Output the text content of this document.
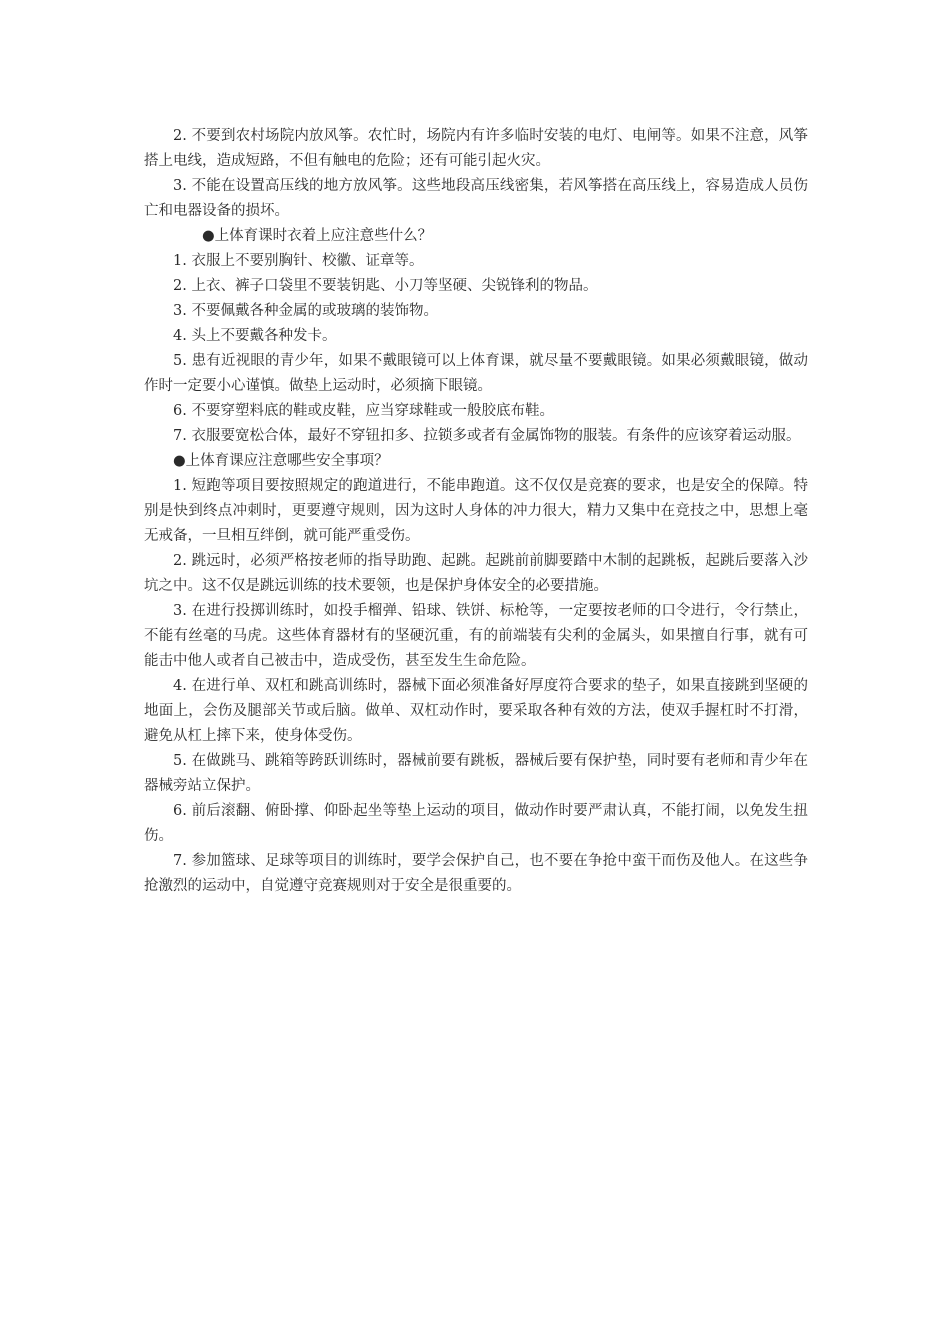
2. 不要到农村场院内放风筝。农忙时，场院内有许多临时安装的电灯、电闸等。如果不注意，风筝搭上电线，造成短路，不但有触电的危险；还有可能引起火灾。

3. 不能在设置高压线的地方放风筝。这些地段高压线密集，若风筝搭在高压线上，容易造成人员伤亡和电器设备的损坏。

●上体育课时衣着上应注意些什么？

1. 衣服上不要别胸针、校徽、证章等。

2. 上衣、裤子口袋里不要装钥匙、小刀等坚硬、尖锐锋利的物品。

3. 不要佩戴各种金属的或玻璃的装饰物。

4. 头上不要戴各种发卡。

5. 患有近视眼的青少年，如果不戴眼镜可以上体育课，就尽量不要戴眼镜。如果必须戴眼镜，做动作时一定要小心谨慎。做垫上运动时，必须摘下眼镜。

6. 不要穿塑料底的鞋或皮鞋，应当穿球鞋或一般胶底布鞋。

7. 衣服要宽松合体，最好不穿钮扣多、拉锁多或者有金属饰物的服装。有条件的应该穿着运动服。

●上体育课应注意哪些安全事项？

1. 短跑等项目要按照规定的跑道进行，不能串跑道。这不仅仅是竞赛的要求，也是安全的保障。特别是快到终点冲刺时，更要遵守规则，因为这时人身体的冲力很大，精力又集中在竞技之中，思想上毫无戒备，一旦相互绊倒，就可能严重受伤。

2. 跳远时，必须严格按老师的指导助跑、起跳。起跳前前脚要踏中木制的起跳板，起跳后要落入沙坑之中。这不仅是跳远训练的技术要领，也是保护身体安全的必要措施。

3. 在进行投掷训练时，如投手榴弹、铅球、铁饼、标枪等，一定要按老师的口令进行，令行禁止，不能有丝毫的马虎。这些体育器材有的坚硬沉重，有的前端装有尖利的金属头，如果擅自行事，就有可能击中他人或者自己被击中，造成受伤，甚至发生生命危险。

4. 在进行单、双杠和跳高训练时，器械下面必须准备好厚度符合要求的垫子，如果直接跳到坚硬的地面上，会伤及腿部关节或后脑。做单、双杠动作时，要采取各种有效的方法，使双手握杠时不打滑，避免从杠上摔下来，使身体受伤。

5. 在做跳马、跳箱等跨跃训练时，器械前要有跳板，器械后要有保护垫，同时要有老师和青少年在器械旁站立保护。

6. 前后滚翻、俯卧撑、仰卧起坐等垫上运动的项目，做动作时要严肃认真，不能打闹，以免发生扭伤。

7. 参加篮球、足球等项目的训练时，要学会保护自己，也不要在争抢中蛮干而伤及他人。在这些争抢激烈的运动中，自觉遵守竞赛规则对于安全是很重要的。
